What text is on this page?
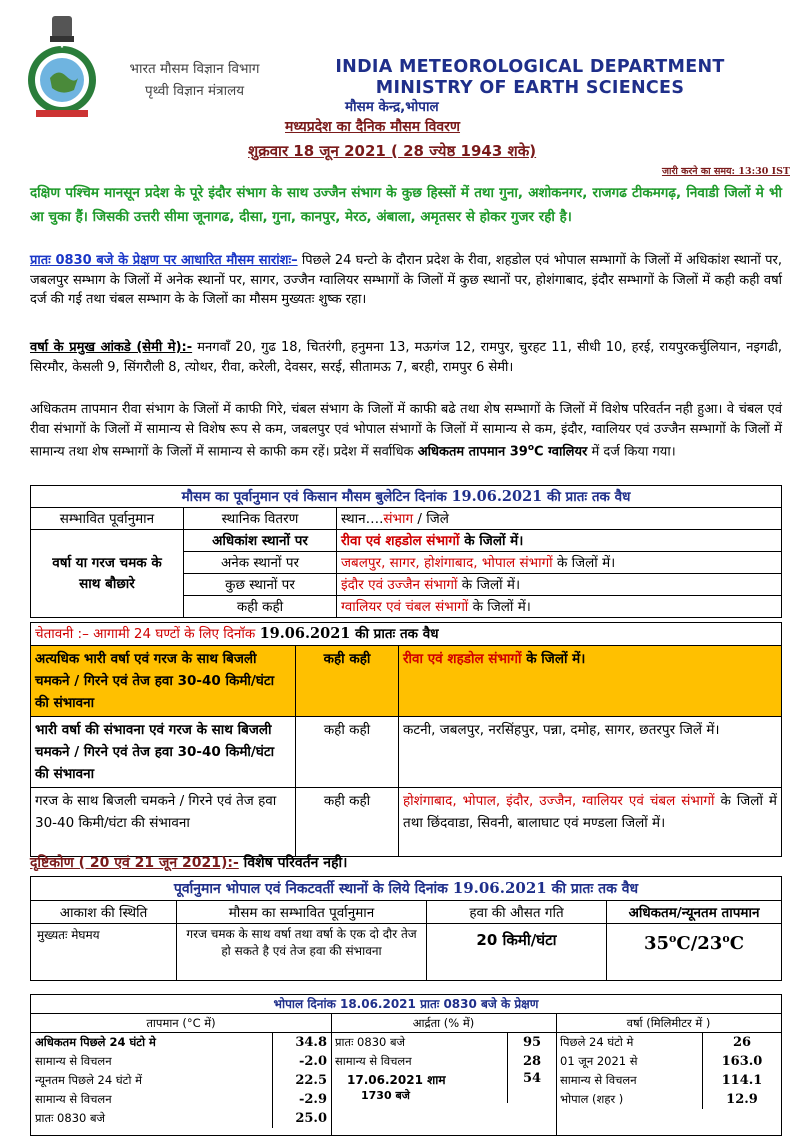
★
भारत मौसम विज्ञान विभाग
पृथ्वी विज्ञान मंत्रालय
INDIA METEOROLOGICAL DEPARTMENT
MINISTRY OF EARTH SCIENCES
मौसम केन्द्र,भोपाल
मध्यप्रदेश का दैनिक मौसम विवरण
शुक्रवार 18 जून 2021 ( 28 ज्येष्ठ 1943 शके)
जारी करने का समय: 13:30 IST
दक्षिण पश्चिम मानसून प्रदेश के पूरे इंदौर संभाग के साथ उज्जैन संभाग के कुछ हिस्सों में तथा गुना, अशोकनगर, राजगढ टीकमगढ़, निवाडी जिलों मे भी आ चुका हैं। जिसकी उत्तरी सीमा जूनागढ, दीसा, गुना, कानपुर, मेरठ, अंबाला, अमृतसर से होकर गुजर रही है।
प्रातः 0830 बजे के प्रेक्षण पर आधारित मौसम सारांशः– पिछले 24 घन्टो के दौरान प्रदेश के रीवा, शहडोल एवं भोपाल सम्भागों के जिलों में अधिकांश स्थानों पर, जबलपुर सम्भाग के जिलों में अनेक स्थानों पर, सागर, उज्जैन ग्वालियर सम्भागों के जिलों में कुछ स्थानों पर, होशंगाबाद, इंदौर सम्भागों के जिलों में कही कही वर्षा दर्ज की गई तथा चंबल सम्भाग के के जिलों का मौसम मुख्यतः शुष्क रहा।
वर्षा के प्रमुख आंकडे (सेमी मे):- मनगवॉं 20, गुढ 18, चितरंगी, हनुमना 13, मऊगंज 12, रामपुर, चुरहट 11, सीधी 10, हरई, रायपुरकर्चुलियान, नइगढी, सिरमौर, केसली 9, सिंगरौली 8, त्योथर, रीवा, करेली, देवसर, सरई, सीतामऊ 7, बरही, रामपुर 6 सेमी।
अधिकतम तापमान रीवा संभाग के जिलों में काफी गिरे, चंबल संभाग के जिलों में काफी बढे तथा शेष सम्भागों के जिलों में विशेष परिवर्तन नही हुआ। वे चंबल एवं रीवा संभागों के जिलों में सामान्य से विशेष रूप से कम, जबलपुर एवं भोपाल संभागों के जिलों में सामान्य से कम, इंदौर, ग्वालियर एवं उज्जैन सम्भागों के जिलों में सामान्य तथा शेष सम्भागों के जिलों में सामान्य से काफी कम रहें। प्रदेश में सर्वाधिक अधिकतम तापमान 39$^o$C ग्वालियर में दर्ज किया गया।
मौसम का पूर्वानुमान एवं किसान मौसम बुलेटिन दिनांक 19.06.2021 की प्रातः तक वैध		
सम्भावित पूर्वानुमान	स्थानिक वितरण	स्थान….संभाग / जिले
वर्षा या गरज चमक के साथ बौछारे	अधिकांश स्थानों पर	रीवा एवं शहडोल संभागों के जिलों में।
	अनेक स्थानों पर	जबलपुर, सागर, होशंगाबाद, भोपाल संभागों के जिलों में।
	कुछ स्थानों पर	इंदौर एवं उज्जैन संभागों के जिलों में।
	कही कही	ग्वालियर एवं चंबल संभागों के जिलों में।
चेतावनी :– आगामी 24 घण्टों के लिए दिनॉक 19.06.2021 की प्रातः तक वैध		
अत्यधिक भारी वर्षा एवं गरज के साथ बिजली चमकने / गिरने एवं तेज हवा 30-40 किमी/घंटा की संभावना	कही कही	रीवा एवं शहडोल संभागों के जिलों में।
भारी वर्षा की संभावना एवं गरज के साथ बिजली चमकने / गिरने एवं तेज हवा 30-40 किमी/घंटा की संभावना	कही कही	कटनी, जबलपुर, नरसिंहपुर, पन्ना, दमोह, सागर, छतरपुर जिलें में।
गरज के साथ बिजली चमकने / गिरने एवं तेज हवा 30-40 किमी/घंटा की संभावना	कही कही	होशंगाबाद, भोपाल, इंदौर, उज्जैन, ग्वालियर एवं चंबल संभागों के जिलों में तथा छिंदवाडा, सिवनी, बालाघाट एवं मण्डला जिलों में।
दृष्टिकोण ( 20 एवं 21 जून 2021):- विशेष परिवर्तन नही।
पूर्वानुमान भोपाल एवं निकटवर्ती स्थानों के लिये दिनांक 19.06.2021 की प्रातः तक वैध			
आकाश की स्थिति	मौसम का सम्भावित पूर्वानुमान	हवा की औसत गति	अधिकतम/न्यूनतम तापमान
मुख्यतः मेघमय	गरज चमक के साथ वर्षा तथा वर्षा के एक दो दौर तेज हो सकते है एवं तेज हवा की संभावना	20 किमी/घंटा	35$^o$C/23$^o$C
भोपाल दिनांक 18.06.2021 प्रातः 0830 बजे के प्रेक्षण
तापमान (°C में)
अधिकतम पिछले 24 घंटो मे	34.8
सामान्य से विचलन	-2.0
न्यूनतम पिछले 24 घंटो में	22.5
सामान्य से विचलन	-2.9
प्रातः 0830 बजे	25.0
आर्द्रता (% में)
प्रातः 0830 बजे	95
सामान्य से विचलन	28
17.06.2021 शाम
1730 बजे	54
वर्षा (मिलिमीटर में )
पिछले 24 घंटो मे	26
01 जून 2021 से	163.0
सामान्य से विचलन	114.1
भोपाल (शहर )	12.9
